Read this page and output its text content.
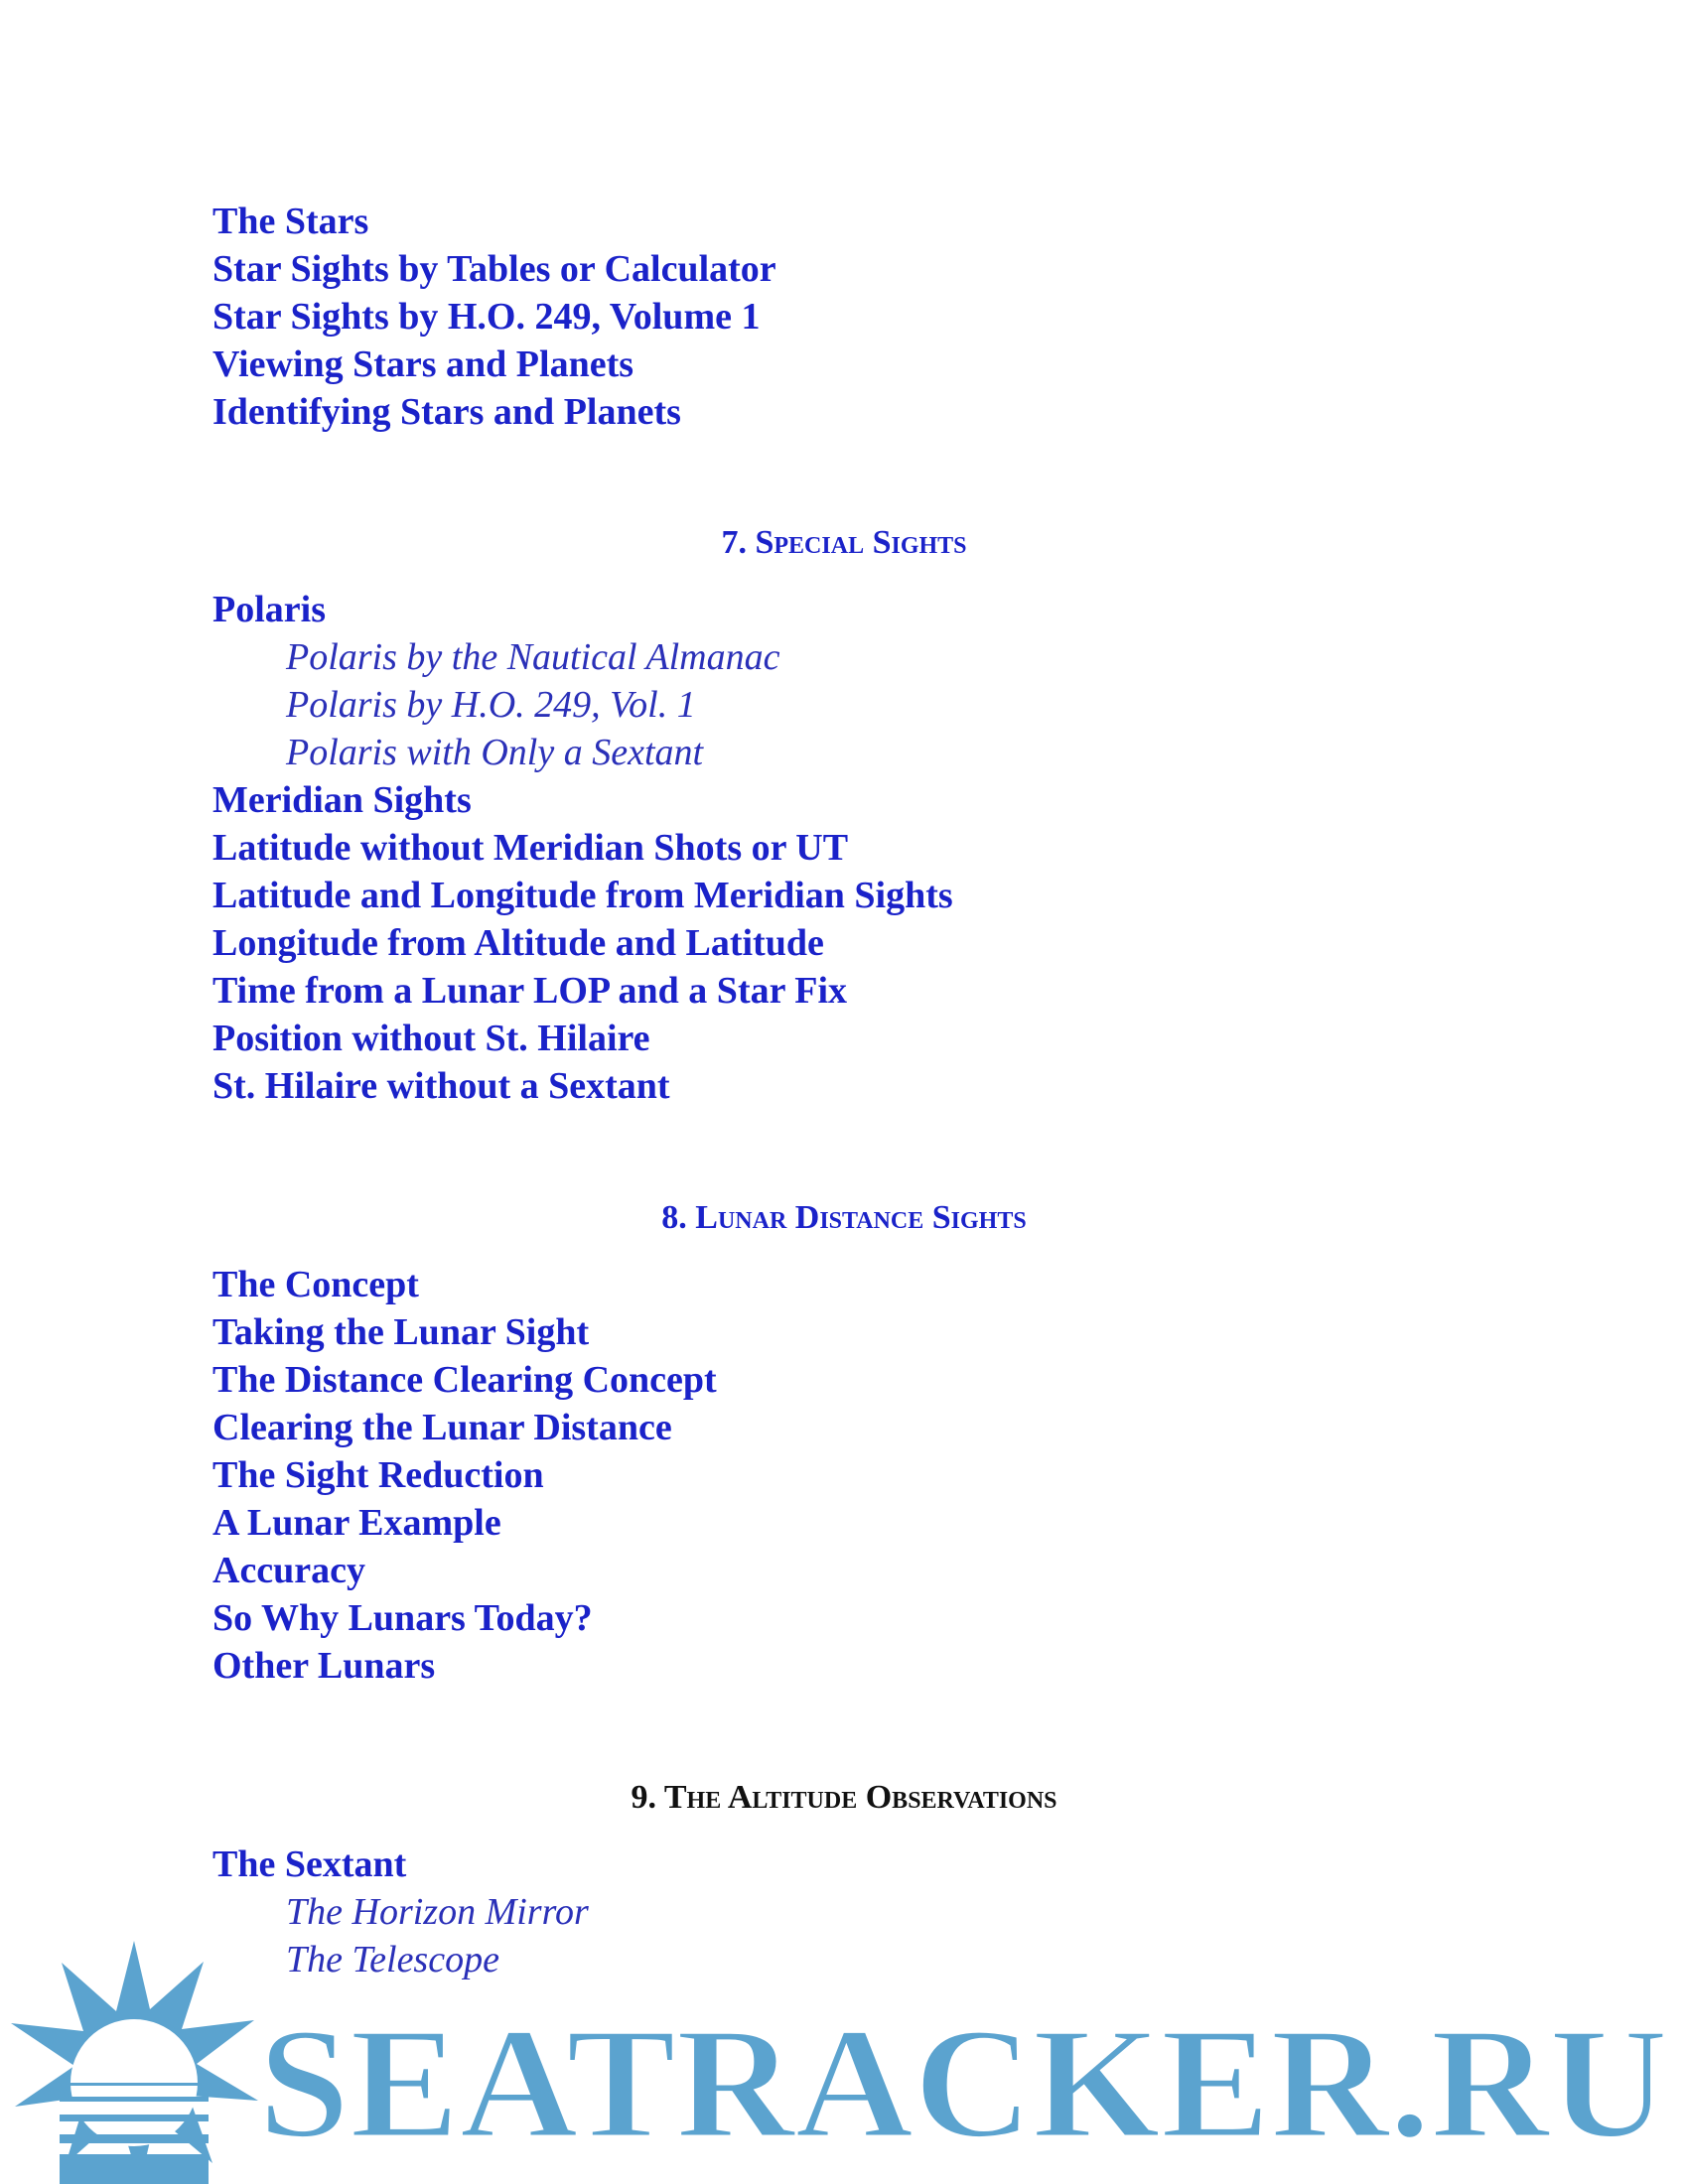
The Stars
Star Sights by Tables or Calculator
Star Sights by H.O. 249, Volume 1
Viewing Stars and Planets
Identifying Stars and Planets
7. Special Sights
Polaris
Polaris by the Nautical Almanac
Polaris by H.O. 249, Vol. 1
Polaris with Only a Sextant
Meridian Sights
Latitude without Meridian Shots or UT
Latitude and Longitude from Meridian Sights
Longitude from Altitude and Latitude
Time from a Lunar LOP and a Star Fix
Position without St. Hilaire
St. Hilaire without a Sextant
8. Lunar Distance Sights
The Concept
Taking the Lunar Sight
The Distance Clearing Concept
Clearing the Lunar Distance
The Sight Reduction
A Lunar Example
Accuracy
So Why Lunars Today?
Other Lunars
9. The Altitude Observations
The Sextant
The Horizon Mirror
The Telescope
SEATRACKER.RU
